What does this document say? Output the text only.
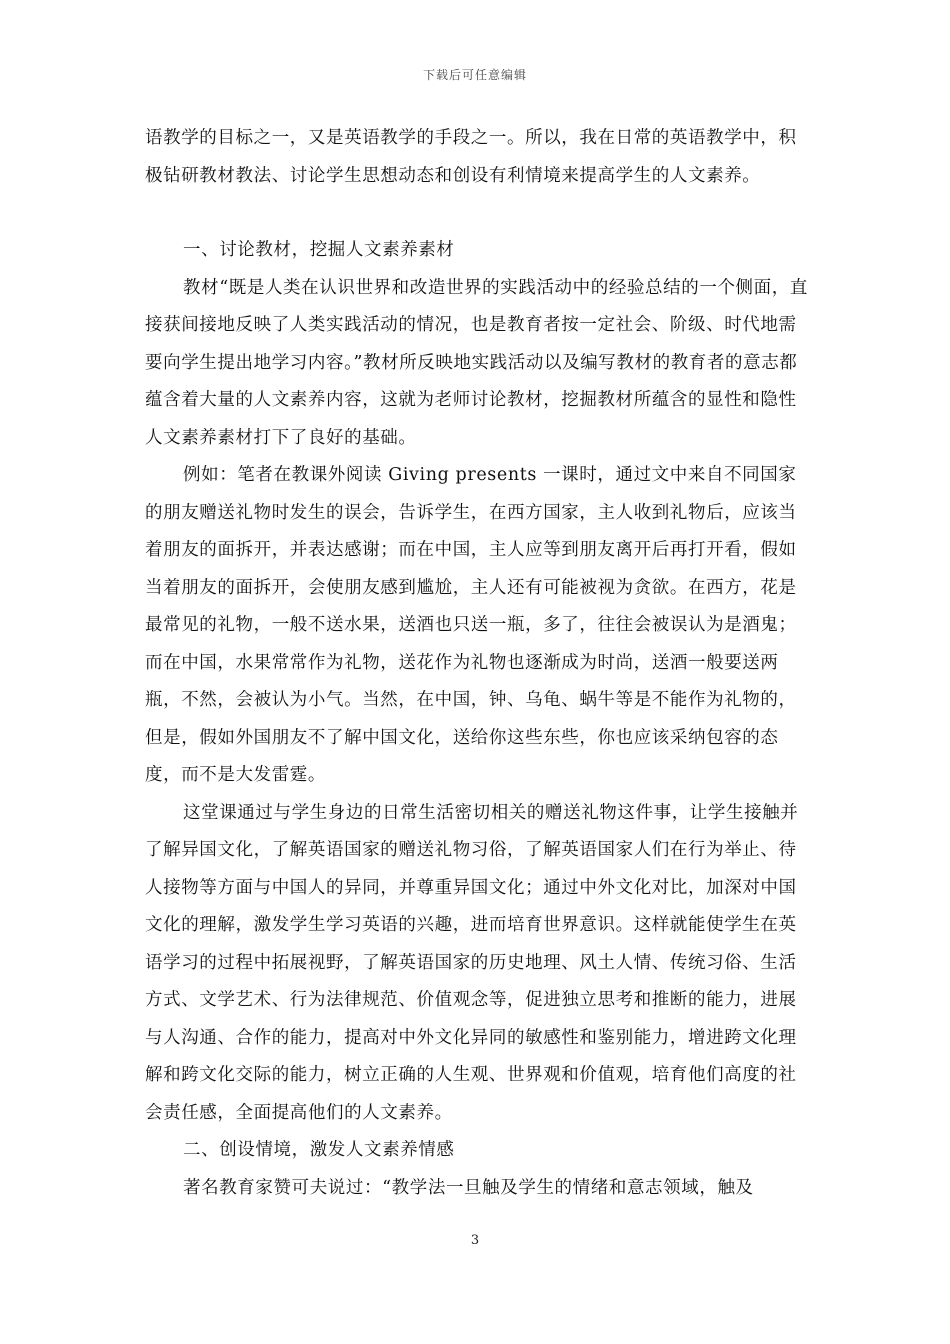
下载后可任意编辑

语教学的目标之一，又是英语教学的手段之一。所以，我在日常的英语教学中，积极钻研教材教法、讨论学生思想动态和创设有利情境来提高学生的人文素养。

一、讨论教材，挖掘人文素养素材

教材“既是人类在认识世界和改造世界的实践活动中的经验总结的一个侧面，直接获间接地反映了人类实践活动的情况，也是教育者按一定社会、阶级、时代地需要向学生提出地学习内容。”教材所反映地实践活动以及编写教材的教育者的意志都蕴含着大量的人文素养内容，这就为老师讨论教材，挖掘教材所蕴含的显性和隐性人文素养素材打下了良好的基础。

例如：笔者在教课外阅读 Giving presents 一课时，通过文中来自不同国家的朋友赠送礼物时发生的误会，告诉学生，在西方国家，主人收到礼物后，应该当着朋友的面拆开，并表达感谢；而在中国，主人应等到朋友离开后再打开看，假如当着朋友的面拆开，会使朋友感到尴尬，主人还有可能被视为贪欲。在西方，花是最常见的礼物，一般不送水果，送酒也只送一瓶，多了，往往会被误认为是酒鬼；而在中国，水果常常作为礼物，送花作为礼物也逐渐成为时尚，送酒一般要送两瓶，不然，会被认为小气。当然，在中国，钟、乌龟、蜗牛等是不能作为礼物的，但是，假如外国朋友不了解中国文化，送给你这些东些，你也应该采纳包容的态度，而不是大发雷霆。

这堂课通过与学生身边的日常生活密切相关的赠送礼物这件事，让学生接触并了解异国文化，了解英语国家的赠送礼物习俗，了解英语国家人们在行为举止、待人接物等方面与中国人的异同，并尊重异国文化；通过中外文化对比，加深对中国文化的理解，激发学生学习英语的兴趣，进而培育世界意识。这样就能使学生在英语学习的过程中拓展视野，了解英语国家的历史地理、风土人情、传统习俗、生活方式、文学艺术、行为法律规范、价值观念等，促进独立思考和推断的能力，进展与人沟通、合作的能力，提高对中外文化异同的敏感性和鉴别能力，增进跨文化理解和跨文化交际的能力，树立正确的人生观、世界观和价值观，培育他们高度的社会责任感，全面提高他们的人文素养。

二、创设情境，激发人文素养情感

著名教育家赞可夫说过：“教学法一旦触及学生的情绪和意志领域，触及

3
